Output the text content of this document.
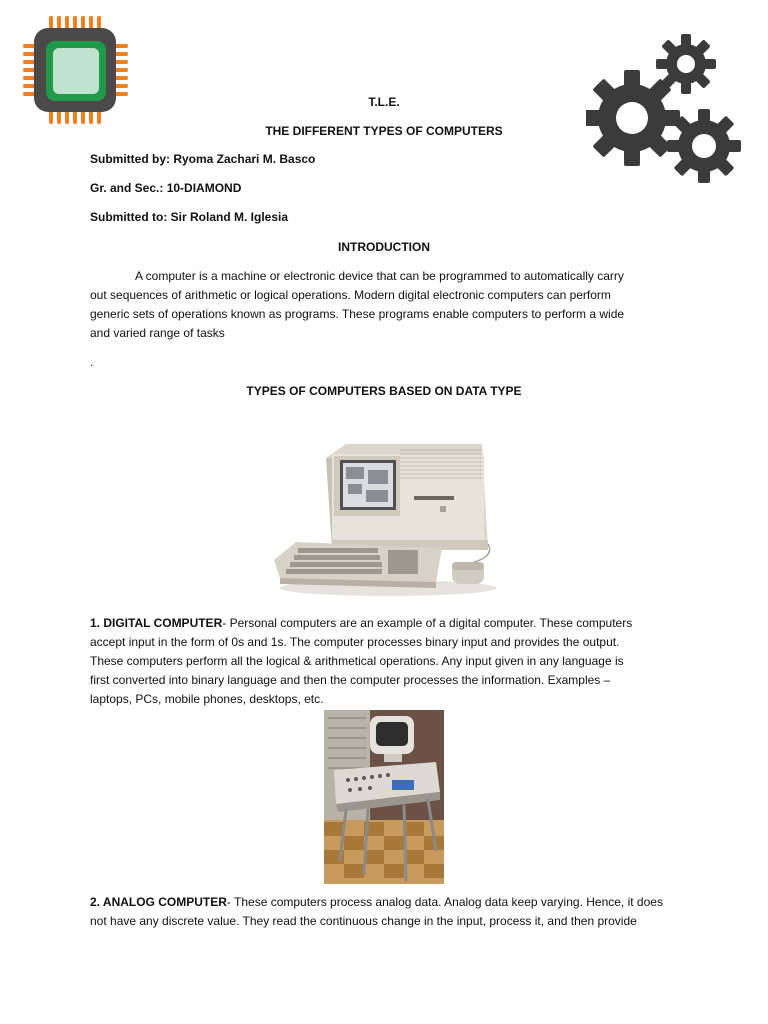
T.L.E.
THE DIFFERENT TYPES OF COMPUTERS
Submitted by: Ryoma Zachari M. Basco
Gr. and Sec.: 10-DIAMOND
Submitted to: Sir Roland M. Iglesia
INTRODUCTION
A computer is a machine or electronic device that can be programmed to automatically carry
out sequences of arithmetic or logical operations. Modern digital electronic computers can perform
generic sets of operations known as programs. These programs enable computers to perform a wide
and varied range of tasks
.
TYPES OF COMPUTERS BASED ON DATA TYPE
1. DIGITAL COMPUTER- Personal computers are an example of a digital computer. These computers
accept input in the form of 0s and 1s. The computer processes binary input and provides the output.
These computers perform all the logical & arithmetical operations. Any input given in any language is
first converted into binary language and then the computer processes the information. Examples –
laptops, PCs, mobile phones, desktops, etc.
2. ANALOG COMPUTER- These computers process analog data. Analog data keep varying. Hence, it does
not have any discrete value. They read the continuous change in the input, process it, and then provide
